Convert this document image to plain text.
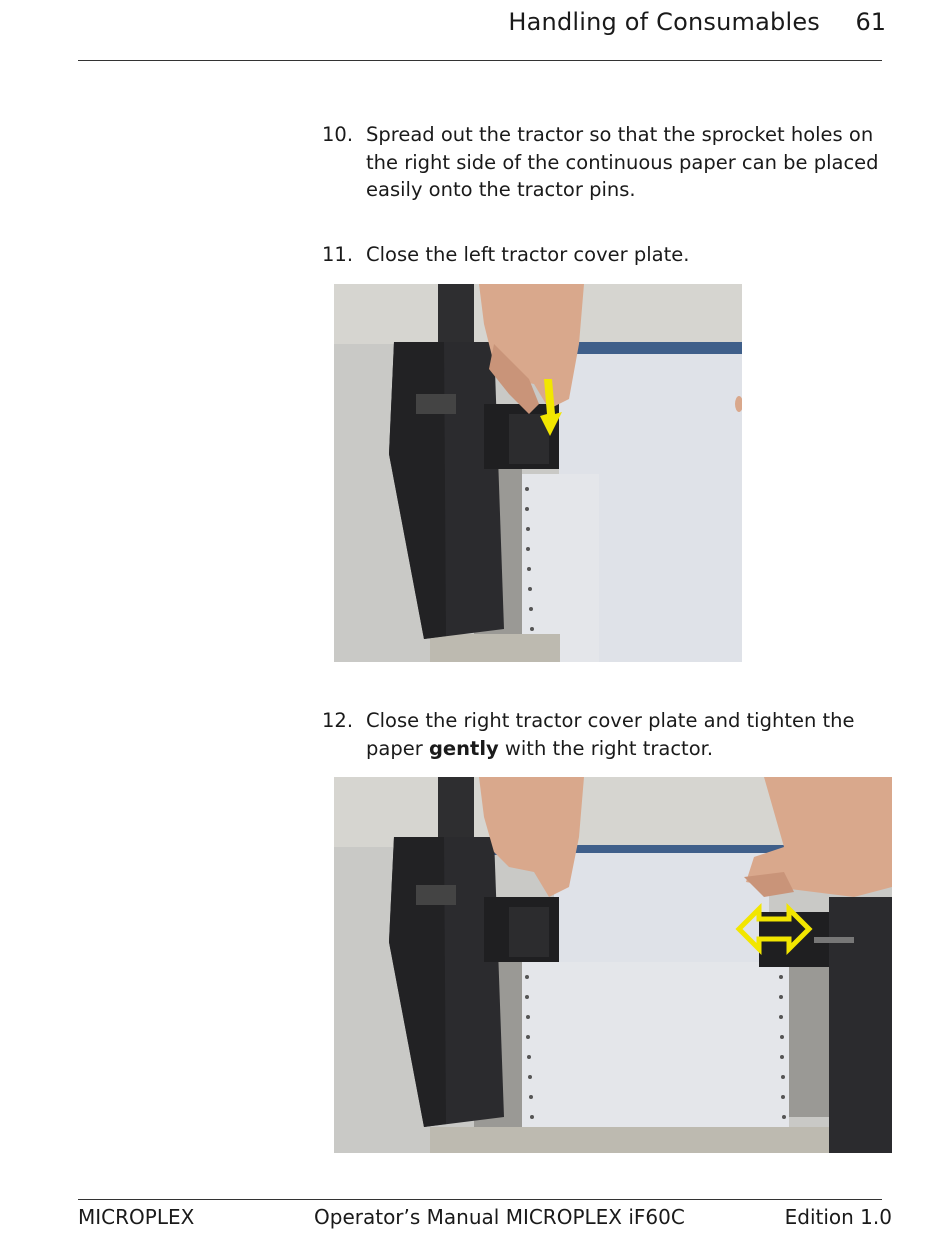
Handling of Consumables 61
10. Spread out the tractor so that the sprocket holes on the right side of the continuous paper can be placed easily onto the tractor pins.
11. Close the left tractor cover plate.
12. Close the right tractor cover plate and tighten the paper gently with the right tractor.
MICROPLEX	Operator’s Manual MICROPLEX iF60C	Edition 1.0
